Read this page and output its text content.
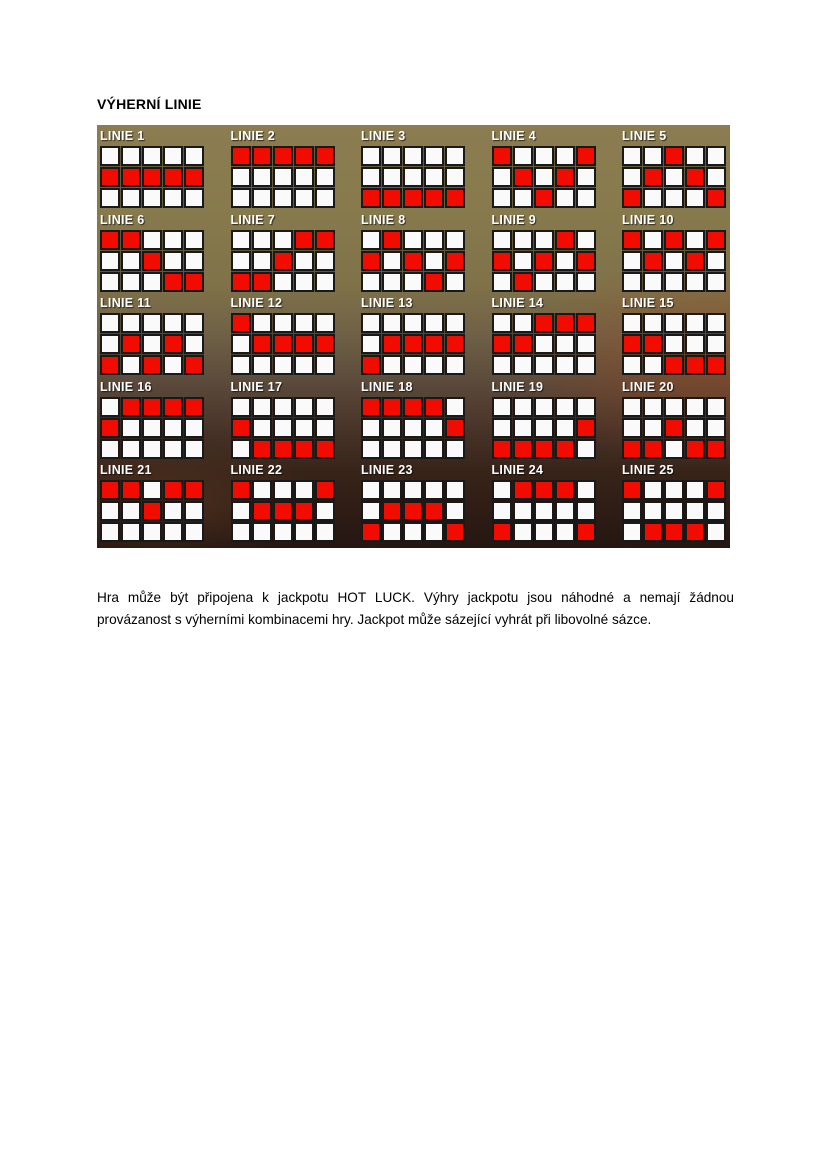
VÝHERNÍ LINIE
LINIE 1	LINIE 2	LINIE 3	LINIE 4	LINIE 5
LINIE 6	LINIE 7	LINIE 8	LINIE 9	LINIE 10
LINIE 11	LINIE 12	LINIE 13	LINIE 14	LINIE 15
LINIE 16	LINIE 17	LINIE 18	LINIE 19	LINIE 20
LINIE 21	LINIE 22	LINIE 23	LINIE 24	LINIE 25

Hra může být připojena k jackpotu HOT LUCK. Výhry jackpotu jsou náhodné a nemají žádnou provázanost s výherními kombinacemi hry. Jackpot může sázející vyhrát při libovolné sázce.
